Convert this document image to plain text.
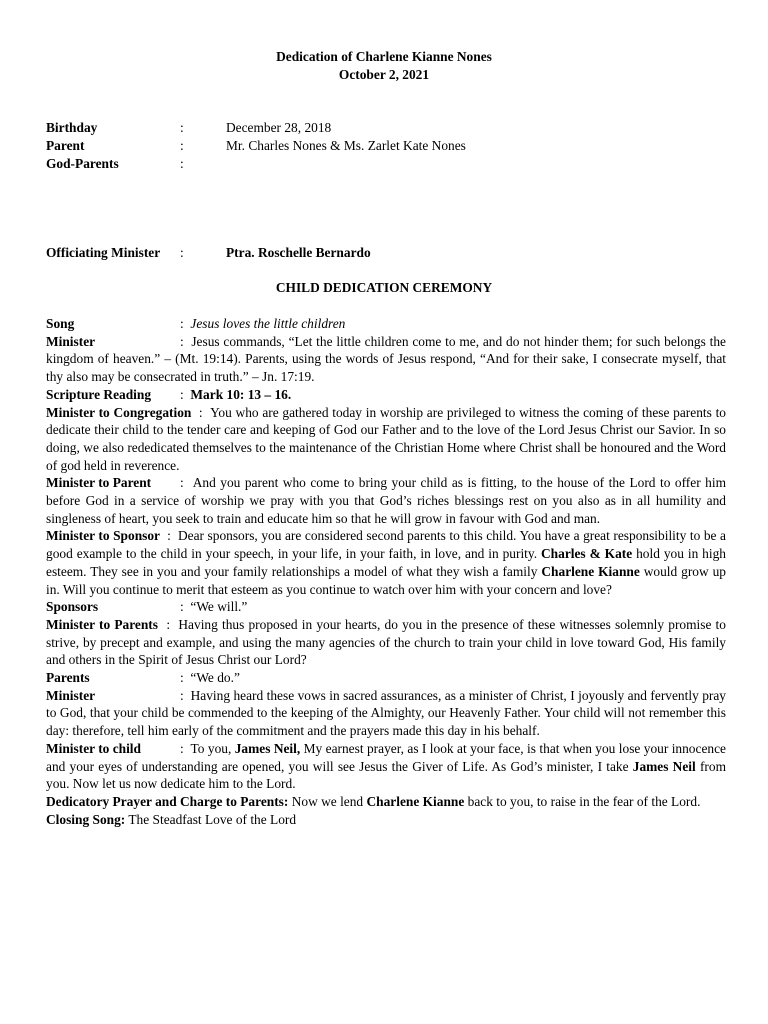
Dedication of Charlene Kianne Nones
October 2, 2021
Birthday	:	December 28, 2018
Parent	:	Mr. Charles Nones & Ms. Zarlet Kate Nones
God-Parents	:
Officiating Minister :	Ptra. Roschelle Bernardo
CHILD DEDICATION CEREMONY

Song	:  Jesus loves the little children

Minister	:  Jesus commands, “Let the little children come to me, and do not hinder them; for such belongs the kingdom of heaven.” – (Mt. 19:14). Parents, using the words of Jesus respond, “And for their sake, I consecrate myself, that thy also may be consecrated in truth.” – Jn. 17:19.

Scripture Reading :  Mark 10: 13 – 16.

Minister to Congregation  :  You who are gathered today in worship are privileged to witness the coming of these parents to dedicate their child to the tender care and keeping of God our Father and to the love of the Lord Jesus Christ our Savior. In so doing, we also rededicated themselves to the maintenance of the Christian Home where Christ shall be honoured and the Word of god held in reverence.

Minister to Parent :  And you parent who come to bring your child as is fitting, to the house of the Lord to offer him before God in a service of worship we pray with you that God’s riches blessings rest on you also as in all humility and singleness of heart, you seek to train and educate him so that he will grow in favour with God and man.

Minister to Sponsor  :  Dear sponsors, you are considered second parents to this child. You have a great responsibility to be a good example to the child in your speech, in your life, in your faith, in love, and in purity. Charles & Kate hold you in high esteem. They see in you and your family relationships a model of what they wish a family Charlene Kianne would grow up in. Will you continue to merit that esteem as you continue to watch over him with your concern and love?

Sponsors	:  “We will.”

Minister to Parents  :  Having thus proposed in your hearts, do you in the presence of these witnesses solemnly promise to strive, by precept and example, and using the many agencies of the church to train your child in love toward God, His family and others in the Spirit of Jesus Christ our Lord?

Parents	:  “We do.”

Minister	:  Having heard these vows in sacred assurances, as a minister of Christ, I joyously and fervently pray to God, that your child be commended to the keeping of the Almighty, our Heavenly Father. Your child will not remember this day: therefore, tell him early of the commitment and the prayers made this day in his behalf.

Minister to child	:  To you, James Neil, My earnest prayer, as I look at your face, is that when you lose your innocence and your eyes of understanding are opened, you will see Jesus the Giver of Life. As God’s minister, I take James Neil from you. Now let us now dedicate him to the Lord.

Dedicatory Prayer and Charge to Parents: Now we lend Charlene Kianne back to you, to raise in the fear of the Lord.

Closing Song: The Steadfast Love of the Lord
